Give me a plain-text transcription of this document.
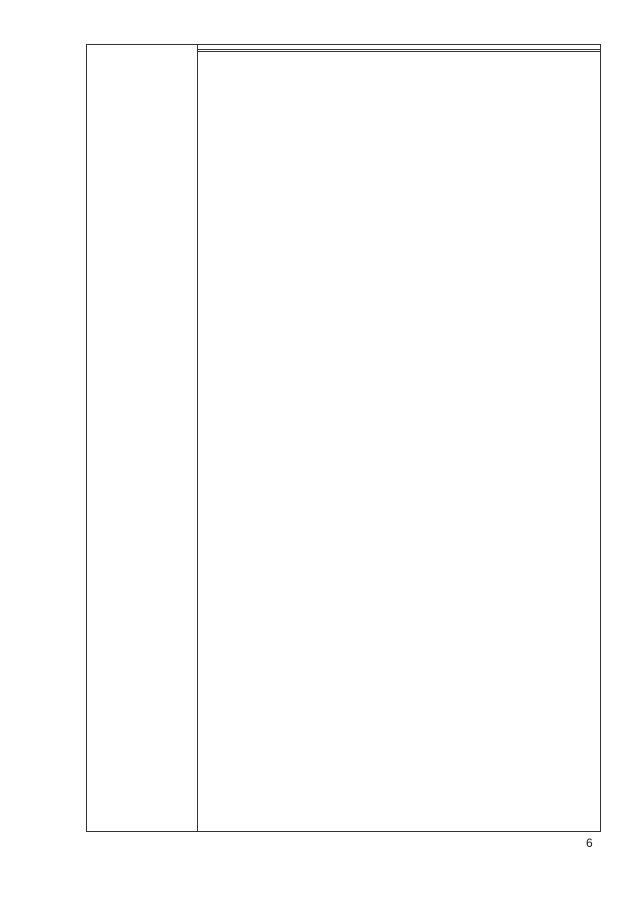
6
